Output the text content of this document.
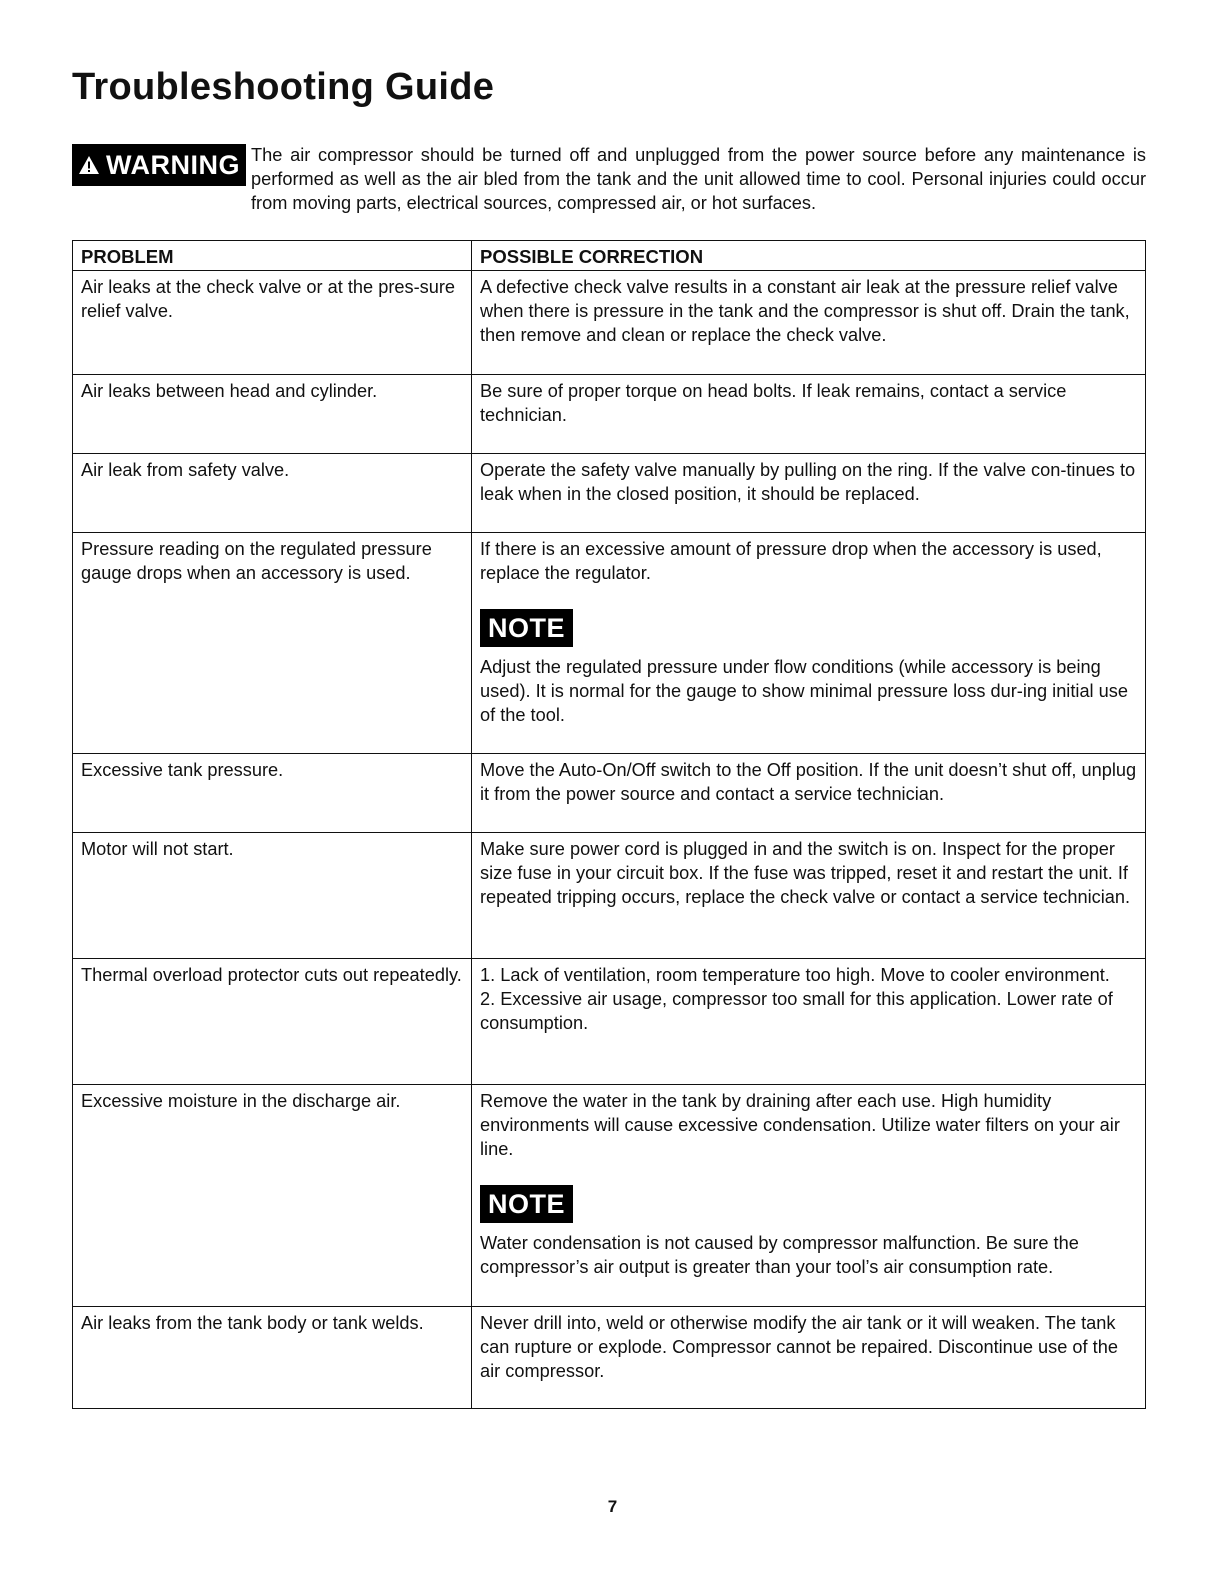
Troubleshooting Guide
WARNING The air compressor should be turned off and unplugged from the power source before any maintenance is performed as well as the air bled from the tank and the unit allowed time to cool. Personal injuries could occur from moving parts, electrical sources, compressed air, or hot surfaces.
PROBLEM	POSSIBLE CORRECTION
Air leaks at the check valve or at the pres-sure relief valve.	A defective check valve results in a constant air leak at the pressure relief valve when there is pressure in the tank and the compressor is shut off. Drain the tank, then remove and clean or replace the check valve.
Air leaks between head and cylinder.	Be sure of proper torque on head bolts. If leak remains, contact a service technician.
Air leak from safety valve.	Operate the safety valve manually by pulling on the ring. If the valve con-tinues to leak when in the closed position, it should be replaced.
Pressure reading on the regulated pressure gauge drops when an accessory is used.	If there is an excessive amount of pressure drop when the accessory is used, replace the regulator.
NOTE
Adjust the regulated pressure under flow conditions (while accessory is being used). It is normal for the gauge to show minimal pressure loss dur-ing initial use of the tool.

Excessive tank pressure.	Move the Auto-On/Off switch to the Off position. If the unit doesn’t shut off, unplug it from the power source and contact a service technician.
Motor will not start.	Make sure power cord is plugged in and the switch is on. Inspect for the proper size fuse in your circuit box. If the fuse was tripped, reset it and restart the unit. If repeated tripping occurs, replace the check valve or contact a service technician.
Thermal overload protector cuts out repeatedly.	1. Lack of ventilation, room temperature too high. Move to cooler environment.
2. Excessive air usage, compressor too small for this application. Lower rate of consumption.

Excessive moisture in the discharge air.	Remove the water in the tank by draining after each use. High humidity environments will cause excessive condensation. Utilize water filters on your air line.
NOTE
Water condensation is not caused by compressor malfunction. Be sure the compressor’s air output is greater than your tool’s air consumption rate.

Air leaks from the tank body or tank welds.	Never drill into, weld or otherwise modify the air tank or it will weaken. The tank can rupture or explode. Compressor cannot be repaired. Discontinue use of the air compressor.
7
